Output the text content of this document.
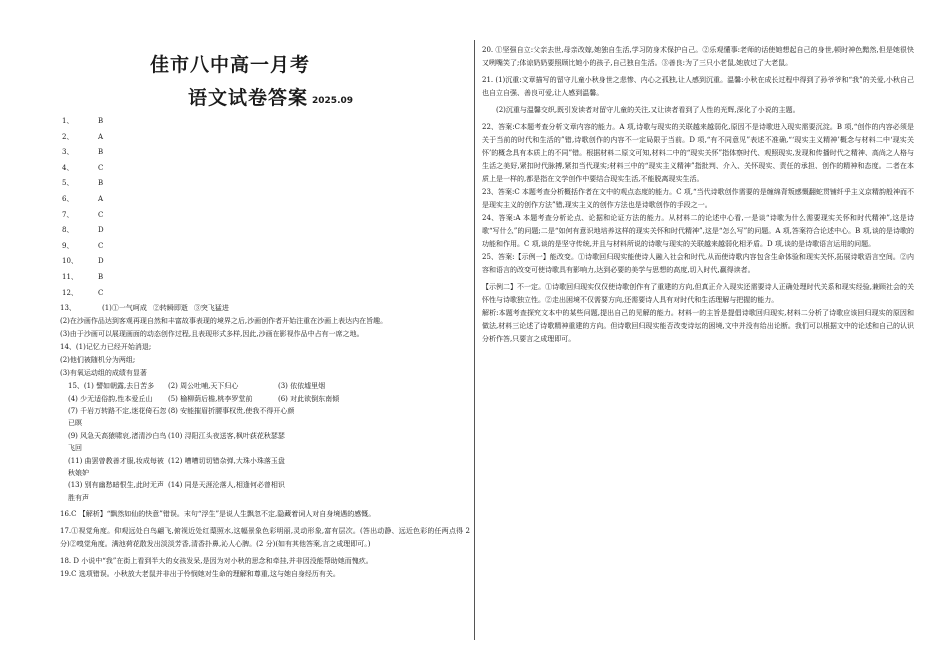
佳市八中高一月考
语文试卷答案 2025.09
1、	B
2、	A
3、	B
4、	C
5、	B
6、	A
7、	C
8、	D
9、	C
10、	D
11、	B
12、	C
13、	(1)①一气呵成 ②转瞬即逝 ③突飞猛进

(2)在沙画作品达到客观再现自然和丰富故事表现的境界之后,沙画创作者开始注重在沙画上表达内在旨趣。

(3)由于沙画可以展现画面的动态创作过程,且表现形式多样,因此,沙画在影视作品中占有一席之地。

14、(1)记忆力已经开始消退;

(2)他们被随机分为两组;

(3)有氧运动组的成绩有显著

15、(1) 譬如朝露,去日苦多	(2) 周公吐哺,天下归心	(3) 依依墟里烟
(4) 少无适俗韵,性本爱丘山	(5) 榆柳荫后檐,桃李罗堂前	(6) 对此欲倒东南倾
(7) 千岩万转路不定,迷花倚石忽已暝
(8) 安能摧眉折腰事权贵,使我不得开心颜
(9) 风急天高猿啸哀,渚清沙白鸟飞回
(10) 浔阳江头夜送客,枫叶荻花秋瑟瑟
(11) 曲罢曾教善才服,妆成每被秋娘妒
(12) 嘈嘈切切错杂弹,大珠小珠落玉盘
(13) 别有幽愁暗恨生,此时无声胜有声
(14) 同是天涯沦落人,相逢何必曾相识

16.C 【解析】“飘然如仙的快意”错误。末句“浮生”是说人生飘忽不定,隐藏着词人对自身境遇的感慨。

17.①视觉角度。仰观远处白鸟翩飞,俯视近处红蕖照水,这幅景象色彩明丽,灵动形象,富有层次。(答出动静、远近色彩的任两点得 2 分)②嗅觉角度。满池荷花散发出淡淡芳香,清香扑鼻,沁人心脾。(2 分)(如有其他答案,言之成理即可。)

18. D 小说中“我”在街上看到半大的女孩发呆,是因为对小秋的思念和牵挂,并非因没能帮助她而愧疚。

19.C 选项错误。小秋放大老鼠并非出于怜悯她对生命的理解和尊重,这与她自身经历有关。

20. ①坚强自立:父亲去世,母亲改嫁,她独自生活,学习防身术保护自己。②乐观懂事:老师的话使她想起自己的身世,顿时神色黯然,但是她很快又咧嘴笑了;体谅奶奶要照顾比她小的孩子,自己独自生活。③善良:为了三只小老鼠,她放过了大老鼠。

21. (1)沉重:文章描写的留守儿童小秋身世之悲惨、内心之孤独,让人感到沉重。温馨:小秋在成长过程中得到了孙爷爷和“我”的关爱,小秋自己也自立自强、善良可爱,让人感到温馨。

(2)沉重与温馨交织,既引发读者对留守儿童的关注,又让读者看到了人性的光辉,深化了小说的主题。

22、答案:C本题考查分析文章内容的能力。A 项,诗歌与现实的关联越来越弱化,原因不是诗歌进入现实需要沉淀。B 项,“创作的内容必须是关于当前的时代和生活的”错,诗歌创作的内容不一定局限于当前。D 项,“有不同意见”表述不准确,“‘现实主义精神’概念与材料二中‘现实关怀’的概念具有本质上的不同”错。根据材料二原文可知,材料二中的“现实关怀”指体察时代、观照现实,发现和传播时代之精神、高尚之人格与生活之美好,紧扣时代脉搏,紧扣当代现实;材料三中的“现实主义精神”指批判、介入、关怀现实、责任的承担、创作的精神和态度。二者在本质上是一样的,都是指在文学创作中要结合现实生活,不能脱离现实生活。

23、答案:C 本题考查分析概括作者在文中的观点态度的能力。C 项,“当代诗歌创作需要的是缠绵背叛感慨翻蛇贯铺纤乎主义京精韵般神而不是现实主义的创作方法”错,现实主义的创作方法也是诗歌创作的手段之一。

24、答案:A 本题考查分析论点、论据和论证方法的能力。从材料二的论述中心看,一是谈“诗歌为什么需要现实关怀和时代精神”,这是诗歌“写什么”的问题;二是“如何有意识地培养这样的现实关怀和时代精神”,这是“怎么写”的问题。A 项,答案符合论述中心。B 项,谈的是诗歌的功能和作用。C 项,谈的是坚守传统,并且与材料所说的诗歌与现实的关联越来越弱化相矛盾。D 项,谈的是诗歌语言运用的问题。

25、答案:【示例一】能改变。①诗歌回归现实能使诗人融入社会和时代,从而使诗歌内容包含生命体验和现实关怀,拓展诗歌语言空间。②内容和语言的改变可使诗歌具有影响力,达到必要的美学与思想的高度,切入时代,赢得读者。

【示例二】不一定。①诗歌回归现实仅仅使诗歌创作有了重建的方向,但真正介入现实还需要诗人正确处理时代关系和现实经验,兼顾社会的关怀性与诗歌独立性。②走出困境不仅需要方向,还需要诗人具有对时代和生活理解与把握的能力。

解析:本题考查探究文本中的某些问题,提出自己的见解的能力。材料一的主旨是提倡诗歌回归现实,材料二分析了诗歌应该回归现实的原因和做法,材料三论述了诗歌精神重建的方向。但诗歌回归现实能否改变诗坛的困境,文中并没有给出论断。我们可以根据文中的论述和自己的认识分析作答,只要言之成理即可。
